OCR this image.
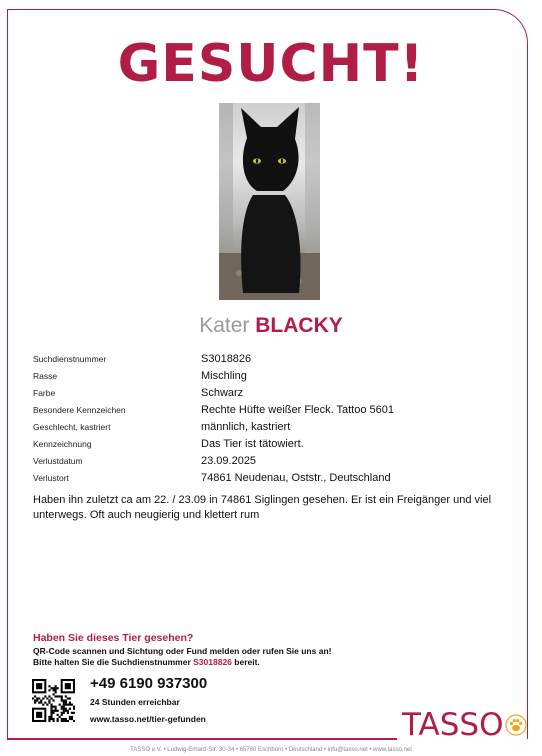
GESUCHT!
Kater BLACKY
Suchdienstnummer	S3018826
Rasse	Mischling
Farbe	Schwarz
Besondere Kennzeichen	Rechte Hüfte weißer Fleck. Tattoo 5601
Geschlecht, kastriert	männlich, kastriert
Kennzeichnung	Das Tier ist tätowiert.
Verlustdatum	23.09.2025
Verlustort	74861 Neudenau, Oststr., Deutschland
Haben ihn zuletzt ca am 22. / 23.09 in 74861 Siglingen gesehen. Er ist ein Freigänger und viel unterwegs. Oft auch neugierig und klettert rum
Haben Sie dieses Tier gesehen?
QR-Code scannen und Sichtung oder Fund melden oder rufen Sie uns an!
Bitte halten Sie die Suchdienstnummer S3018826 bereit.
+49 6190 937300
24 Stunden erreichbar
www.tasso.net/tier-gefunden	TASSO
TASSO e.V. • Ludwig-Erhard-Str. 30-34 • 65760 Eschborn • Deutschland • info@tasso.net • www.tasso.net
